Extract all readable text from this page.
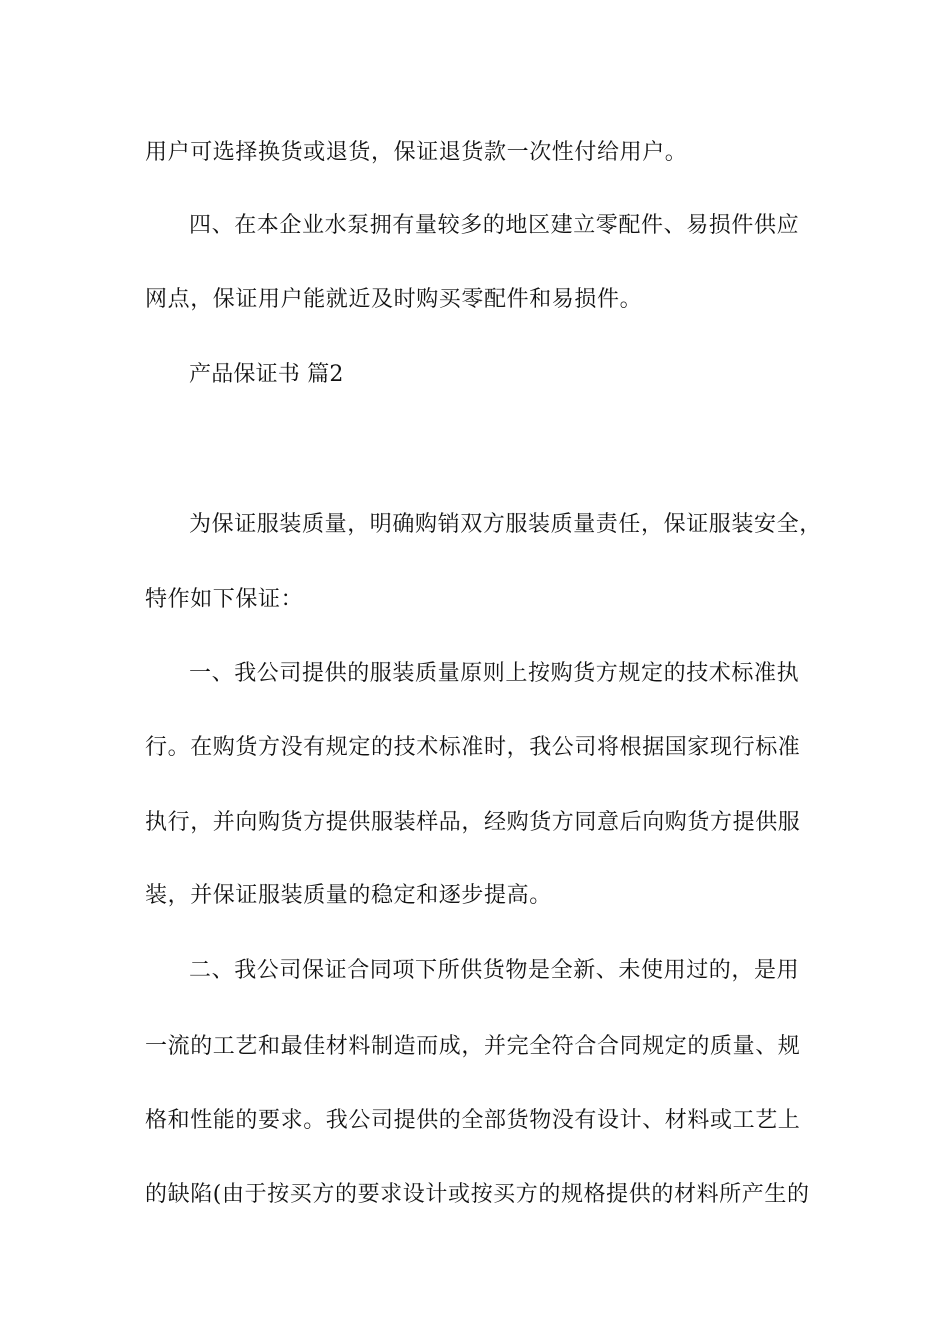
用户可选择换货或退货，保证退货款一次性付给用户。
四、在本企业水泵拥有量较多的地区建立零配件、易损件供应
网点，保证用户能就近及时购买零配件和易损件。
产品保证书 篇2
为保证服装质量，明确购销双方服装质量责任，保证服装安全，
特作如下保证：
一、我公司提供的服装质量原则上按购货方规定的技术标准执
行。在购货方没有规定的技术标准时，我公司将根据国家现行标准
执行，并向购货方提供服装样品，经购货方同意后向购货方提供服
装，并保证服装质量的稳定和逐步提高。
二、我公司保证合同项下所供货物是全新、未使用过的，是用
一流的工艺和最佳材料制造而成，并完全符合合同规定的质量、规
格和性能的要求。我公司提供的全部货物没有设计、材料或工艺上
的缺陷(由于按买方的要求设计或按买方的规格提供的材料所产生的
